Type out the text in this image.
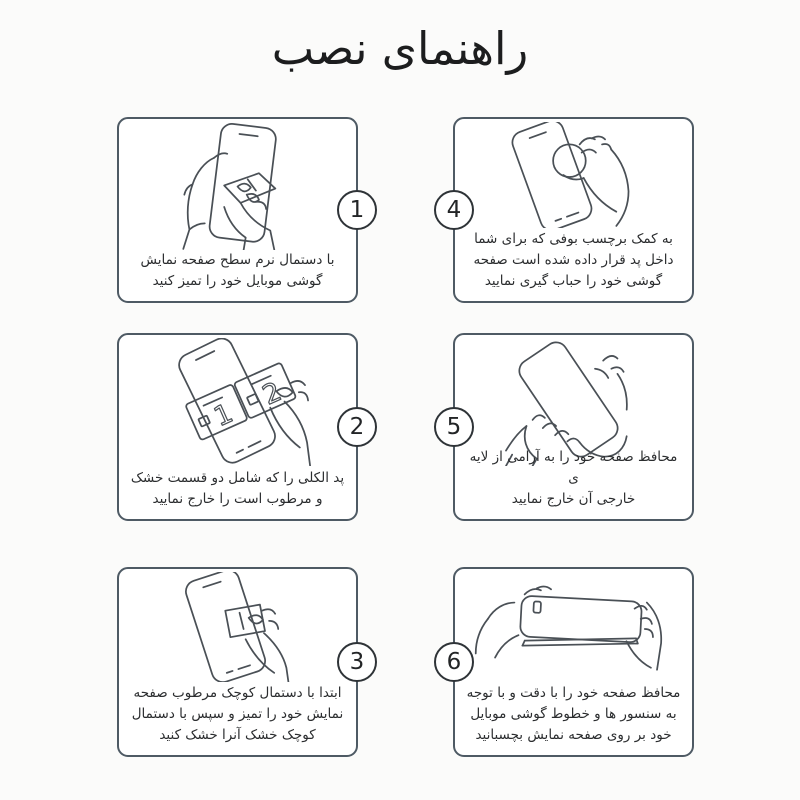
راهنمای نصب
1
با دستمال نرم سطح صفحه نمایش
گوشی موبایل خود را تمیز کنید
4
به کمک برچسب بوفی که برای شما
داخل پد قرار داده شده است صفحه
گوشی خود را حباب گیری نمایید
1
2
2
پد الکلی را که شامل دو قسمت خشک
و مرطوب است را خارج نمایید
5
محافظ صفحه خود را به آرامی از لایه ی
خارجی آن خارج نمایید
3
ابتدا با دستمال کوچک مرطوب صفحه
نمایش خود را تمیز و سپس با دستمال
کوچک خشک آنرا خشک کنید
6
محافظ صفحه خود را با دقت و با توجه
به سنسور ها و خطوط گوشی موبایل
خود بر روی صفحه نمایش بچسبانید
